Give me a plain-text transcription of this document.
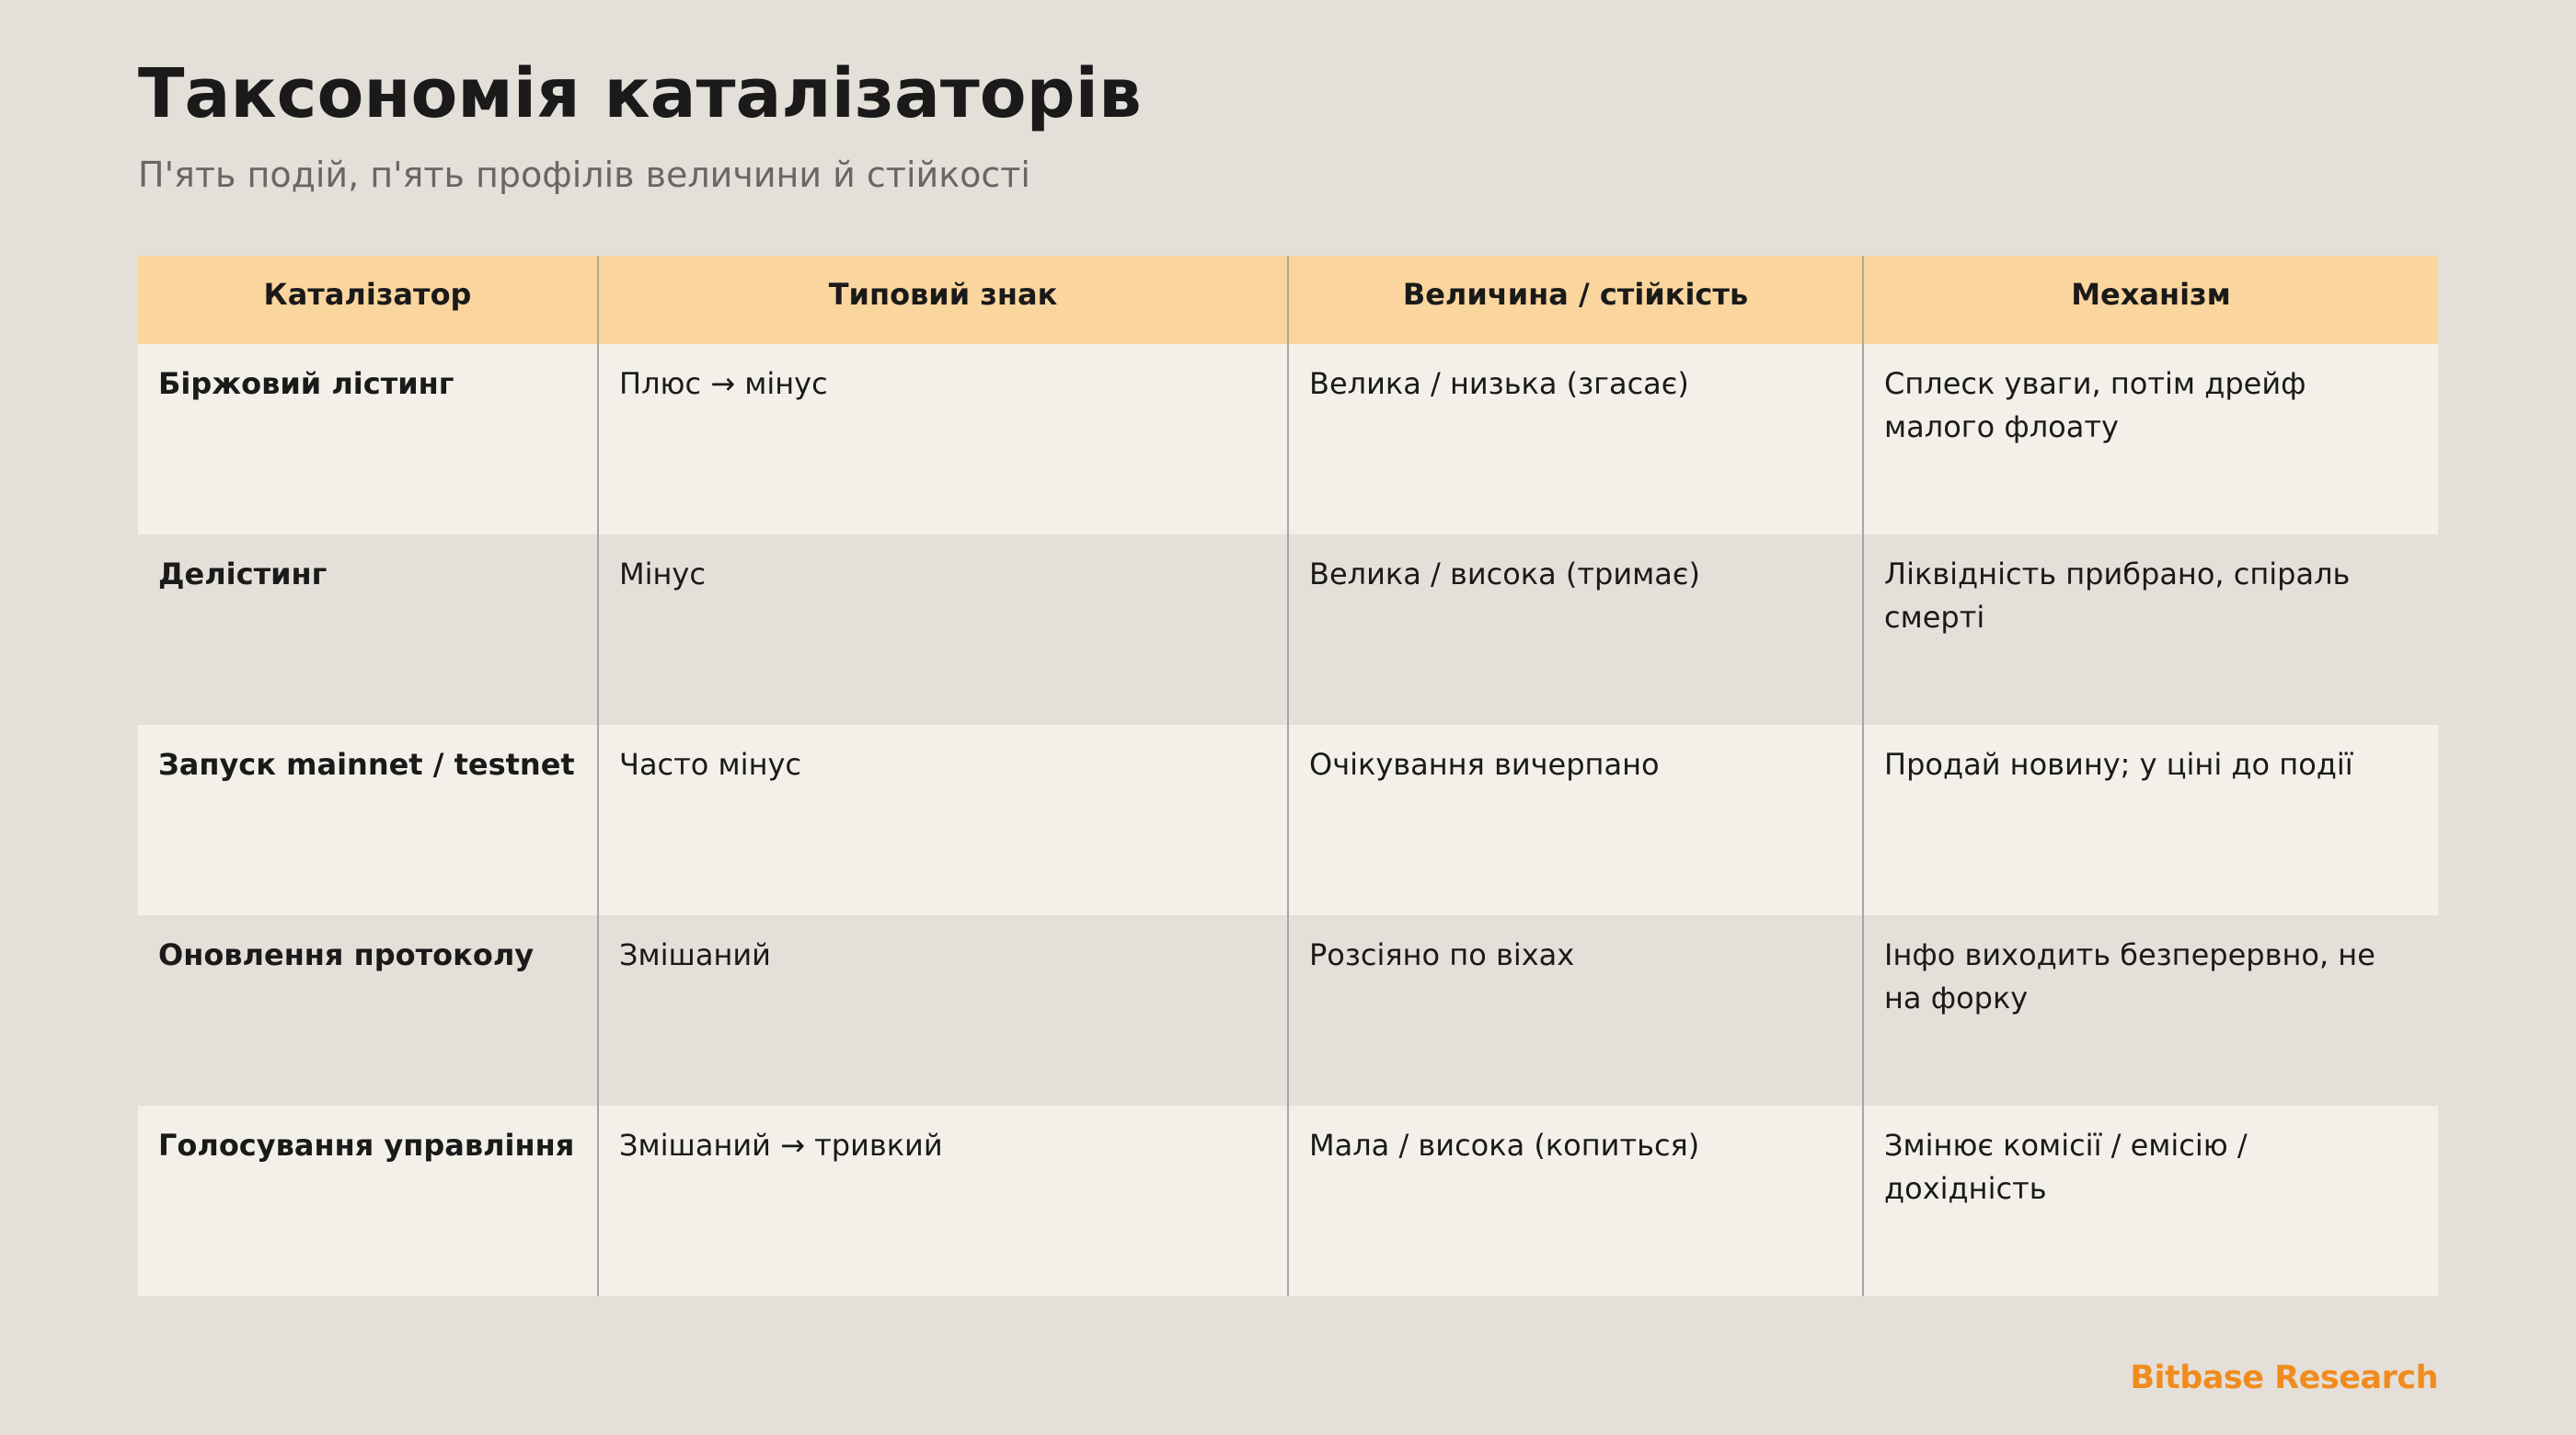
Таксономія каталізаторів

П'ять подій, п'ять профілів величини й стійкості

Каталізатор	Типовий знак	Величина / стійкість	Механізм
Біржовий лістинг	Плюс → мінус	Велика / низька (згасає)	Сплеск уваги, потім дрейф малого флоату
Делістинг	Мінус	Велика / висока (тримає)	Ліквідність прибрано, спіраль смерті
Запуск mainnet / testnet	Часто мінус	Очікування вичерпано	Продай новину; у ціні до події
Оновлення протоколу	Змішаний	Розсіяно по віхах	Інфо виходить безперервно, не на форку
Голосування управління	Змішаний → тривкий	Мала / висока (копиться)	Змінює комісії / емісію / дохідність

Bitbase Research
